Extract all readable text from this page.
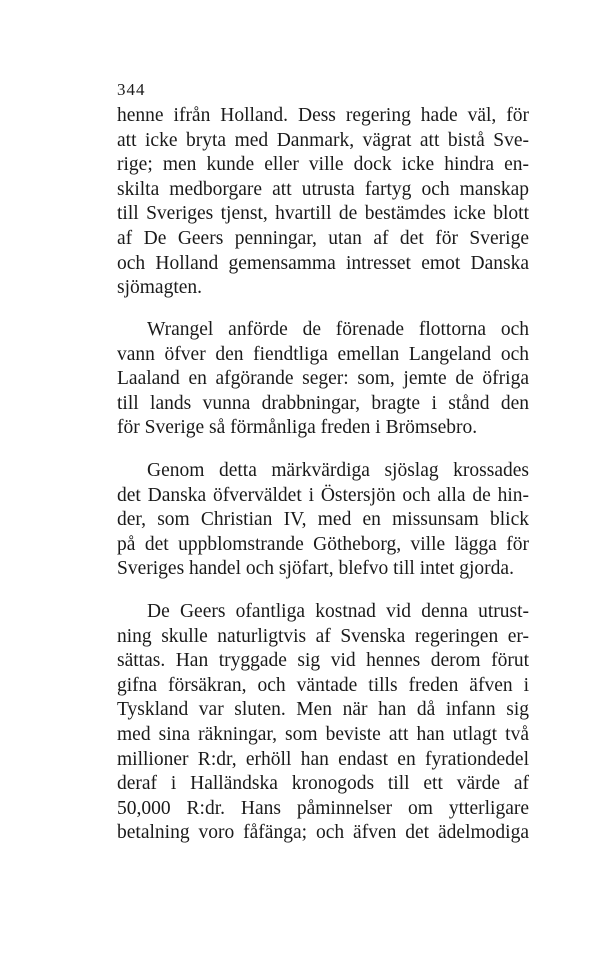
344
henne ifrån Holland. Dess regering hade väl, för
att icke bryta med Danmark, vägrat att bistå Sve-
rige; men kunde eller ville dock icke hindra en-
skilta medborgare att utrusta fartyg och manskap
till Sveriges tjenst, hvartill de bestämdes icke blott
af De Geers penningar, utan af det för Sverige
och Holland gemensamma intresset emot Danska
sjömagten.
Wrangel anförde de förenade flottorna och
vann öfver den fiendtliga emellan Langeland och
Laaland en afgörande seger: som, jemte de öfriga
till lands vunna drabbningar, bragte i stånd den
för Sverige så förmånliga freden i Brömsebro.
Genom detta märkvärdiga sjöslag krossades
det Danska öfverväldet i Östersjön och alla de hin-
der, som Christian IV, med en missunsam blick
på det uppblomstrande Götheborg, ville lägga för
Sveriges handel och sjöfart, blefvo till intet gjorda.
De Geers ofantliga kostnad vid denna utrust-
ning skulle naturligtvis af Svenska regeringen er-
sättas. Han tryggade sig vid hennes derom förut
gifna försäkran, och väntade tills freden äfven i
Tyskland var sluten. Men när han då infann sig
med sina räkningar, som beviste att han utlagt två
millioner R:dr, erhöll han endast en fyrationdedel
deraf i Halländska kronogods till ett värde af
50,000 R:dr. Hans påminnelser om ytterligare
betalning voro fåfänga; och äfven det ädelmodiga
